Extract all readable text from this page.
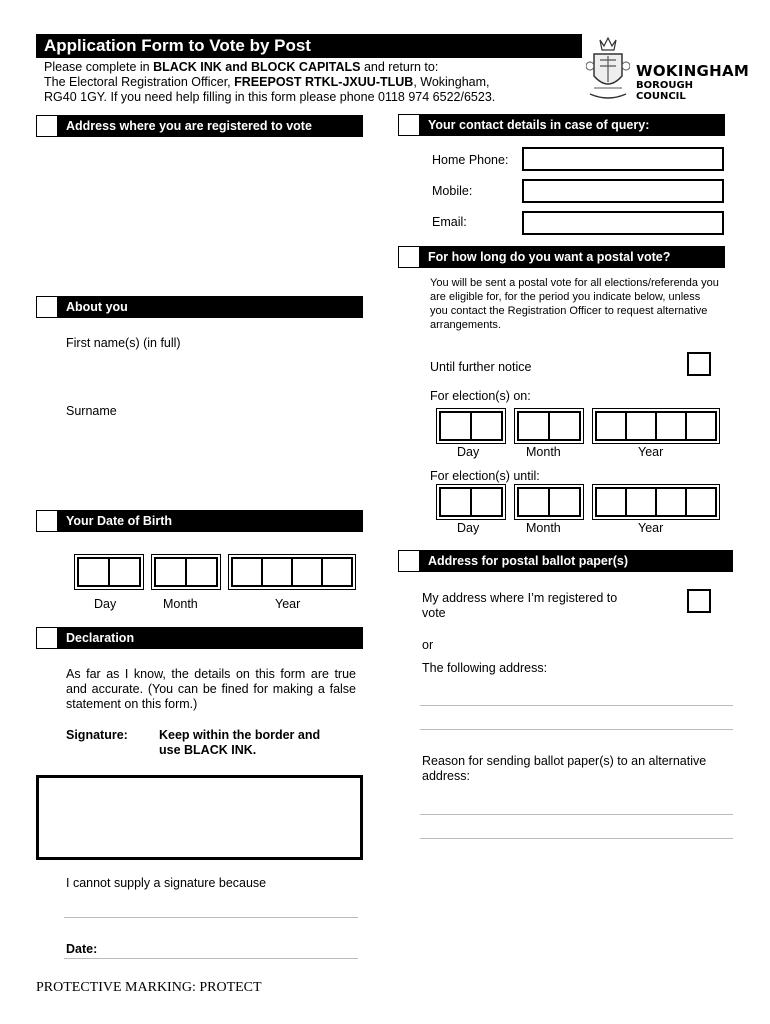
Application Form to Vote by Post
Please complete in BLACK INK and BLOCK CAPITALS and return to:
The Electoral Registration Officer, FREEPOST RTKL-JXUU-TLUB, Wokingham,
RG40 1GY. If you need help filling in this form please phone 0118 974 6522/6523.
WOKINGHAM
BOROUGH COUNCIL
Address where you are registered to vote
About you
First name(s) (in full)
Surname
Your Date of Birth
Day	Month	Year
Declaration
As far as I know, the details on this form are true and accurate. (You can be fined for making a false statement on this form.)
Signature: Keep within the border and use BLACK INK.
I cannot supply a signature because
Date:
Your contact details in case of query:
Home Phone:
Mobile:
Email:
For how long do you want a postal vote?
You will be sent a postal vote for all elections/referenda you are eligible for, for the period you indicate below, unless you contact the Registration Officer to request alternative arrangements.
Until further notice
For election(s) on:
Day	Month	Year
For election(s) until:
Day	Month	Year
Address for postal ballot paper(s)
My address where I’m registered to vote
or
The following address:
Reason for sending ballot paper(s) to an alternative address:
PROTECTIVE MARKING: PROTECT
